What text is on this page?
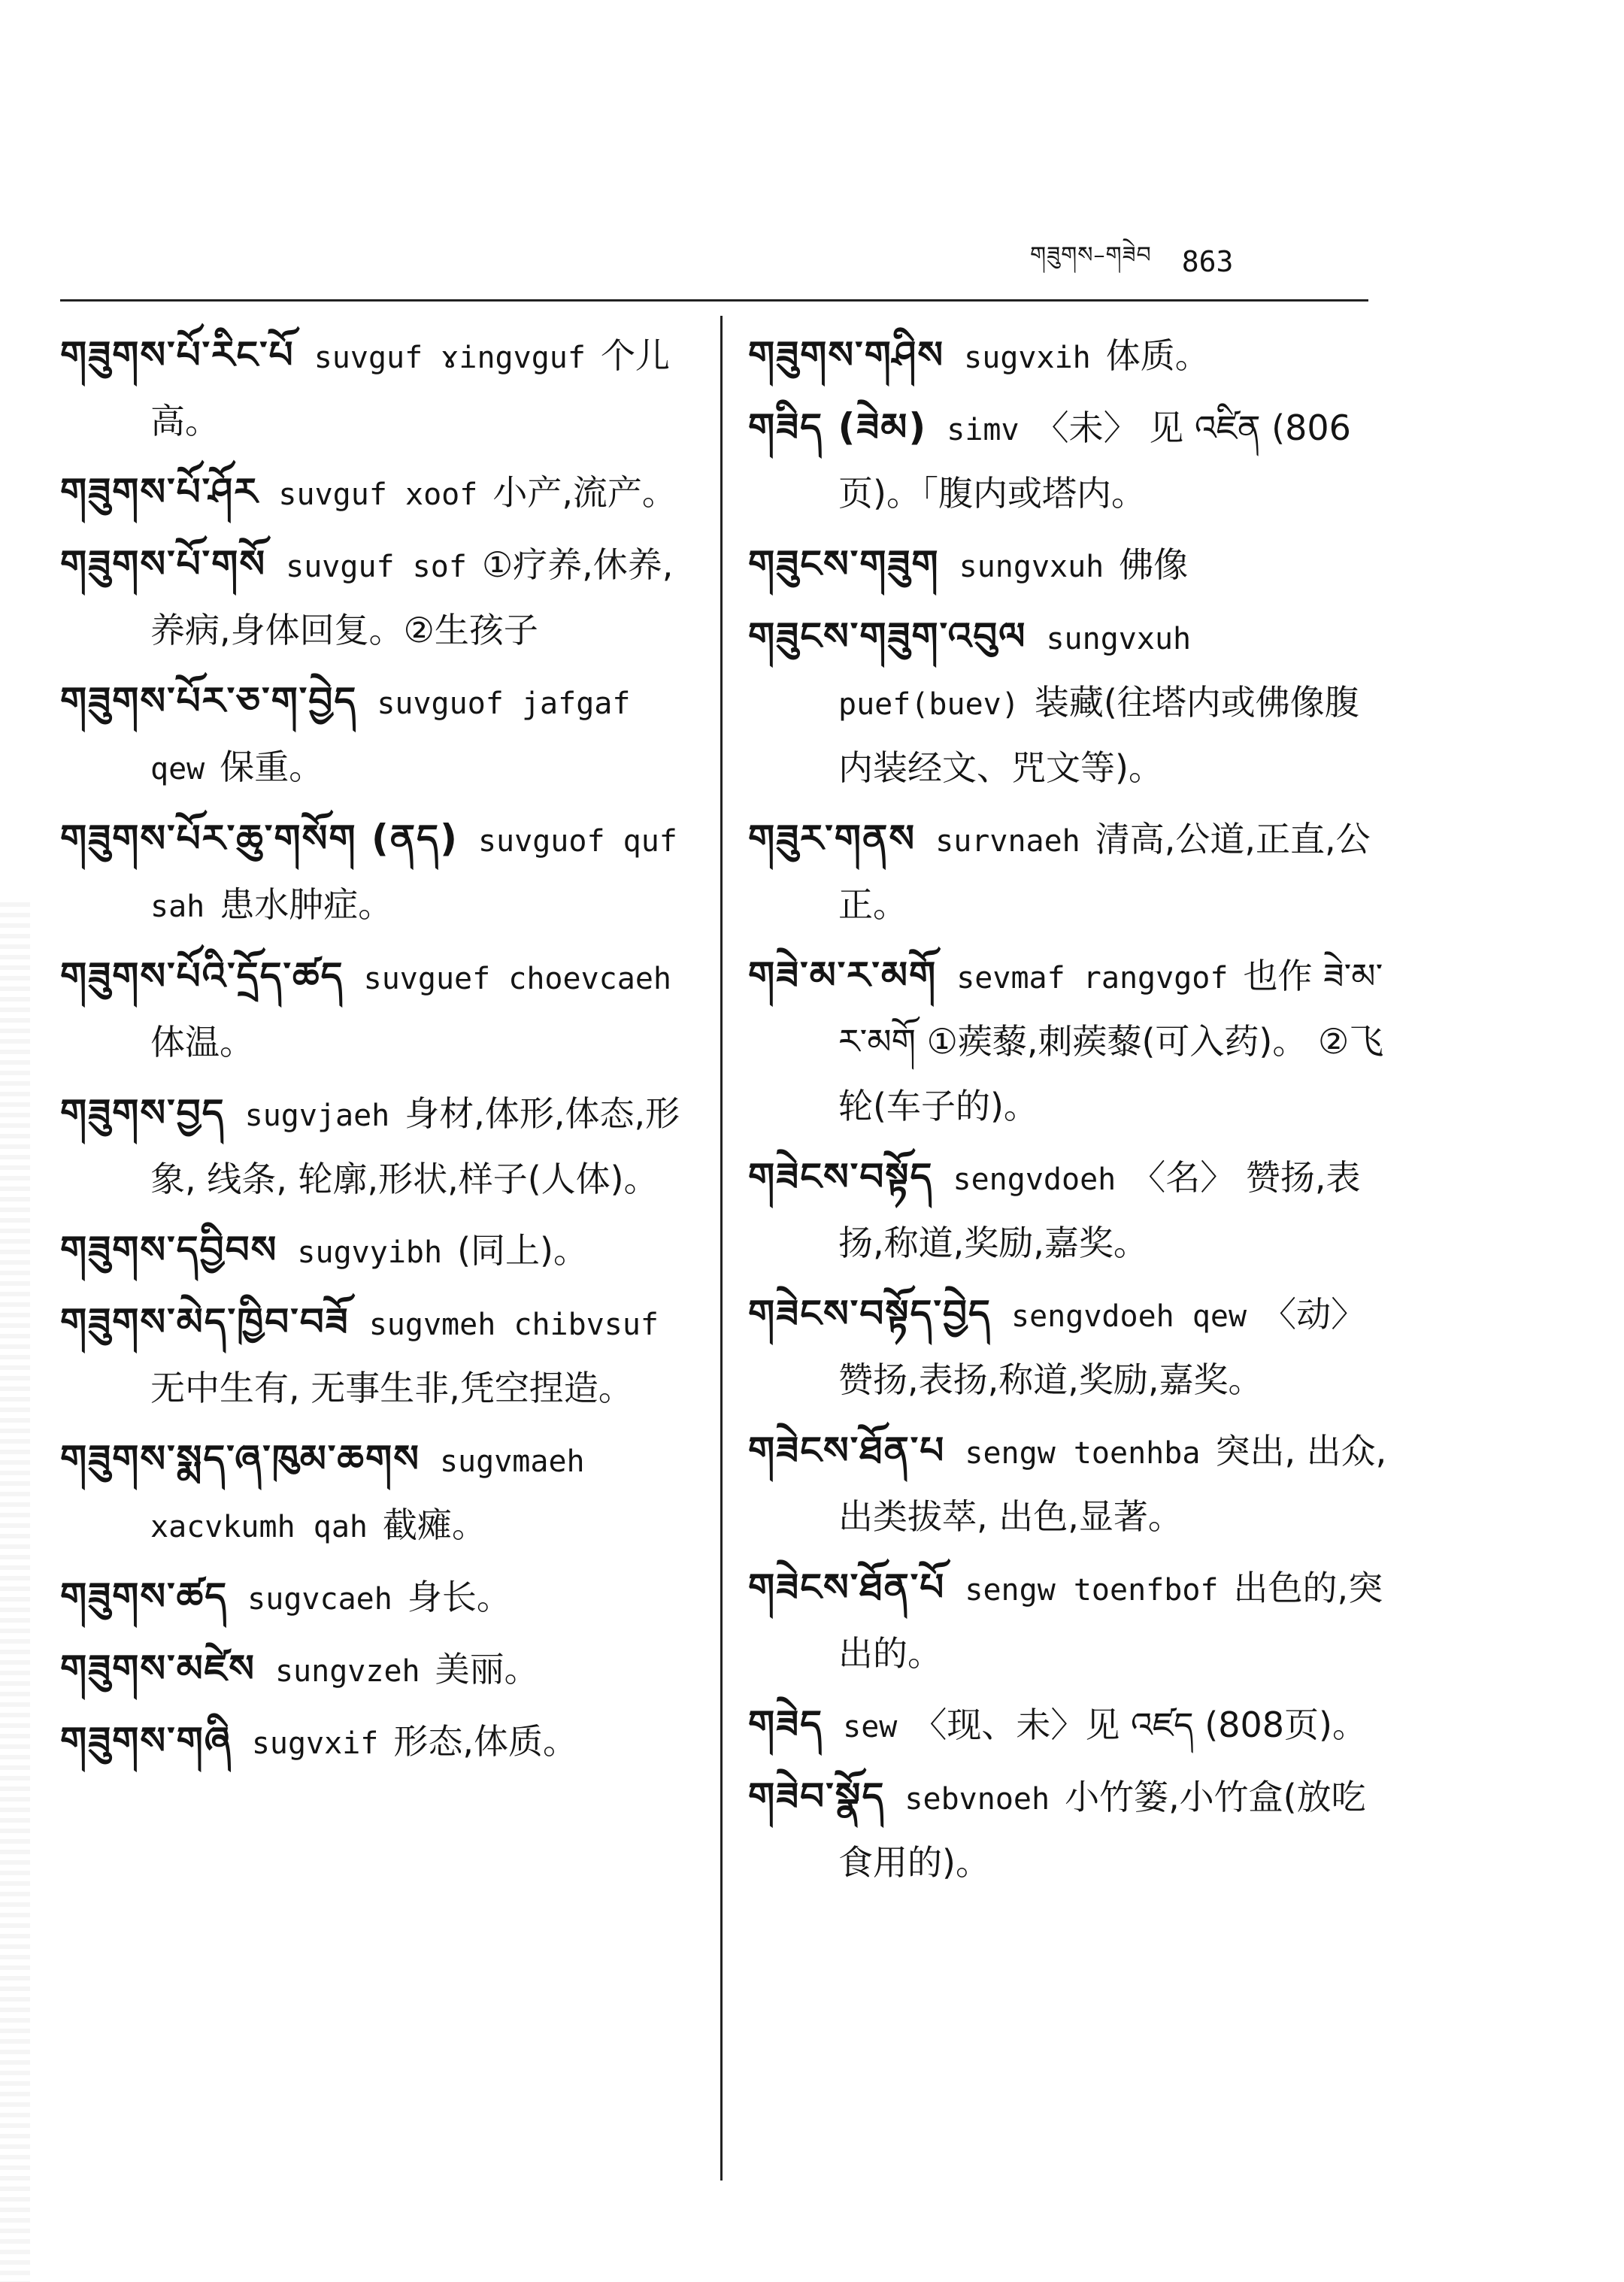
གཟུགས–གཟེབ 863
གཟུགས་པོ་རིང་པོ suvguf ɤingvguf 个儿高。
གཟུགས་པོ་ཤོར suvguf xoof 小产,流产。
གཟུགས་པོ་གསོ suvguf sof ①疗养,休养,养病,身体回复。②生孩子
གཟུགས་པོར་ཅ་ག་བྱེད suvguof jafgaf qew 保重。
གཟུགས་པོར་ཆུ་གསོག (ནད) suvguof quf sah 患水肿症。
གཟུགས་པོའི་དྲོད་ཚད suvguef choevcaeh体温。
གཟུགས་བྱད sugvjaeh 身材,体形,体态,形象, 线条, 轮廓,形状,样子(人体)。
གཟུགས་དབྱིབས sugvyibh (同上)。
གཟུགས་མེད་ཁྱིབ་བཟོ sugvmeh chibvsuf无中生有, 无事生非,凭空捏造。
གཟུགས་སྨད་ཞ་ཁུམ་ཆགས sugvmaeh xacvkumh qah 截瘫。
གཟུགས་ཚད sugvcaeh 身长。
གཟུགས་མཛེས sungvzeh 美丽。
གཟུགས་གཞི sugvxif 形态,体质。
གཟུགས་གཤིས sugvxih 体质。
གཟིད (ཟེམ) simv 〈未〉 见 འཛིན (806页)。「腹内或塔内。
གཟུངས་གཟུག sungvxuh 佛像
གཟུངས་གཟུག་འབུལ sungvxuh puef(buev) 装藏(往塔内或佛像腹内装经文、咒文等)。
གཟུར་གནས survnaeh 清高,公道,正直,公正。
གཟེ་མ་ར་མགོ sevmaf rangvgof 也作 ཟེ་མ་ར་མགོ ①蒺藜,刺蒺藜(可入药)。 ②飞轮(车子的)。
གཟེངས་བསྟོད sengvdoeh 〈名〉 赞扬,表扬,称道,奖励,嘉奖。
གཟེངས་བསྟོད་བྱེད sengvdoeh qew 〈动〉 赞扬,表扬,称道,奖励,嘉奖。
གཟེངས་ཐོན་པ sengw toenhba 突出, 出众, 出类拔萃, 出色,显著。
གཟེངས་ཐོན་པོ sengw toenfbof 出色的,突出的。
གཟེད sew 〈现、未〉见 འཛད (808页)。
གཟེབ་སྣོད sebvnoeh 小竹篓,小竹盒(放吃食用的)。
